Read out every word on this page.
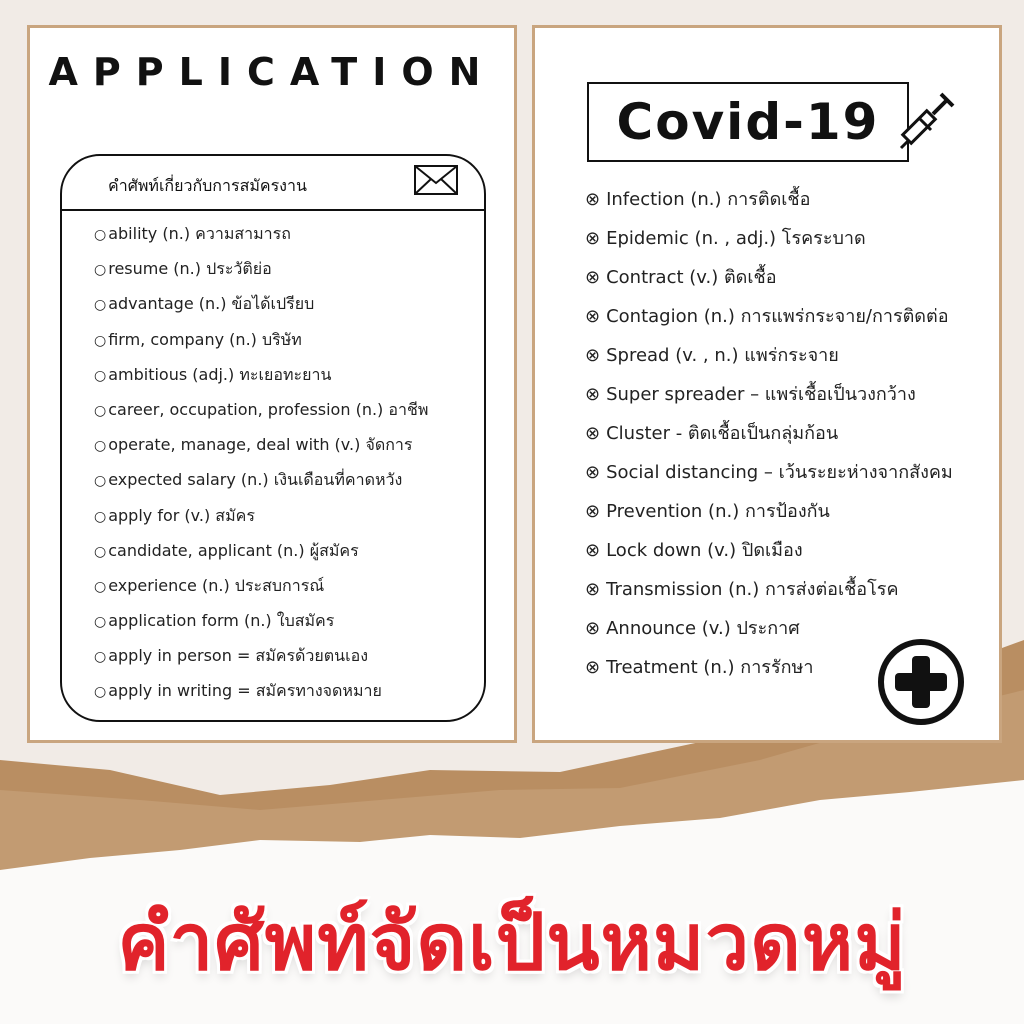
APPLICATION
คำศัพท์เกี่ยวกับการสมัครงาน
○ ability (n.) ความสามารถ
○ resume (n.) ประวัติย่อ
○ advantage (n.) ข้อได้เปรียบ
○ firm, company (n.) บริษัท
○ ambitious (adj.) ทะเยอทะยาน
○ career, occupation, profession (n.) อาชีพ
○ operate, manage, deal with (v.) จัดการ
○ expected salary (n.) เงินเดือนที่คาดหวัง
○ apply for (v.) สมัคร
○ candidate, applicant (n.) ผู้สมัคร
○ experience (n.) ประสบการณ์
○ application form (n.) ใบสมัคร
○ apply in person = สมัครด้วยตนเอง
○ apply in writing = สมัครทางจดหมาย
Covid-19
⊗ Infection (n.) การติดเชื้อ
⊗ Epidemic (n. , adj.) โรคระบาด
⊗ Contract (v.) ติดเชื้อ
⊗ Contagion (n.) การแพร่กระจาย/การติดต่อ
⊗ Spread (v. , n.) แพร่กระจาย
⊗ Super spreader – แพร่เชื้อเป็นวงกว้าง
⊗ Cluster - ติดเชื้อเป็นกลุ่มก้อน
⊗ Social distancing – เว้นระยะห่างจากสังคม
⊗ Prevention (n.) การป้องกัน
⊗ Lock down (v.) ปิดเมือง
⊗ Transmission (n.) การส่งต่อเชื้อโรค
⊗ Announce (v.) ประกาศ
⊗ Treatment (n.) การรักษา
คำศัพท์จัดเป็นหมวดหมู่
